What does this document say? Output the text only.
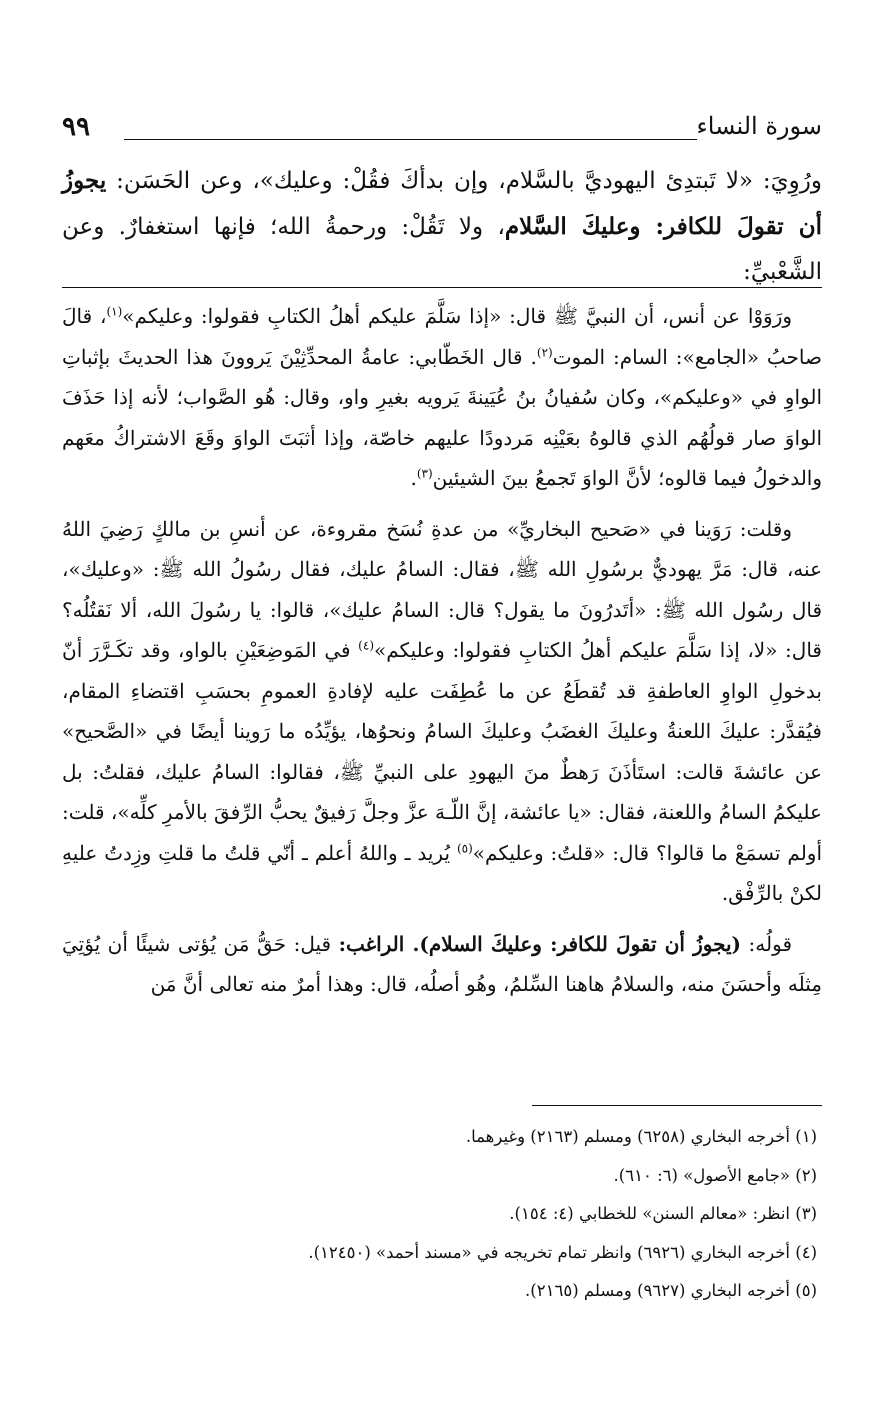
٩٩	سورة النساء
ورُوِيَ: «لا تَبتدِئ اليهوديَّ بالسَّلام، وإن بدأكَ فقُلْ: وعليك»، وعن الحَسَن: يجوزُ أن تقولَ للكافر: وعليكَ السَّلام، ولا تَقُلْ: ورحمةُ الله؛ فإنها استغفارٌ. وعن الشَّعْبيِّ:

ورَوَوْا عن أنس، أن النبيَّ ﷺ قال: «إذا سَلَّمَ عليكم أهلُ الكتابِ فقولوا: وعليكم»$^{(١)}$، قالَ صاحبُ «الجامع»: السام: الموت$^{(٢)}$. قال الخَطّابي: عامةُ المحدِّثِيْنَ يَروونَ هذا الحديثَ بإثباتِ الواوِ في «وعليكم»، وكان سُفيانُ بنُ عُيَينةَ يَرويه بغيرِ واو، وقال: هُو الصَّواب؛ لأنه إذا حَذَفَ الواوَ صار قولُهُم الذي قالوهُ بعَيْنِه مَردودًا عليهم خاصّة، وإذا أثبَتَ الواوَ وقَعَ الاشتراكُ معَهم والدخولُ فيما قالوه؛ لأنَّ الواوَ تَجمعُ بينَ الشيئين$^{(٣)}$.

وقلت: رَوَينا في «صَحيح البخاريِّ» من عدةِ نُسَخ مقروءة، عن أنسِ بن مالكٍ رَضِيَ اللهُ عنه، قال: مَرَّ يهوديٌّ برسُولِ الله ﷺ، فقال: السامُ عليك، فقال رسُولُ الله ﷺ: «وعليك»، قال رسُول الله ﷺ: «أتَدرُونَ ما يقول؟ قال: السامُ عليك»، قالوا: يا رسُولَ الله، ألا نَقتُلُه؟ قال: «لا، إذا سَلَّمَ عليكم أهلُ الكتابِ فقولوا: وعليكم»$^{(٤)}$ في المَوضِعَيْنِ بالواو، وقد تكَـرَّرَ أنّ بدخولِ الواوِ العاطفةِ قد تُقطَعُ عن ما عُطِفَت عليه لإفادةِ العمومِ بحسَبِ اقتضاءِ المقام، فيُقدَّر: عليكَ اللعنةُ وعليكَ الغضَبُ وعليكَ السامُ ونحوُها، يؤيِّدُه ما رَوينا أيضًا في «الصَّحيح» عن عائشةَ قالت: استَأذَنَ رَهطٌ منَ اليهودِ على النبيِّ ﷺ، فقالوا: السامُ عليك، فقلتُ: بل عليكمُ السامُ واللعنة، فقال: «يا عائشة، إنَّ اللّـهَ عزَّ وجلَّ رَفيقٌ يحبُّ الرِّفقَ بالأمرِ كلِّه»، قلت: أولم تسمَعْ ما قالوا؟ قال: «قلتُ: وعليكم»$^{(٥)}$ يُريد ـ واللهُ أعلم ـ أنّي قلتُ ما قلتِ وزِدتُ عليهِ لكنْ بالرِّفْق.

قولُه: (يجوزُ أن تقولَ للكافر: وعليكَ السلام). الراغب: قيل: حَقُّ مَن يُؤتى شيئًا أن يُؤتِيَ مِثلَه وأحسَنَ منه، والسلامُ هاهنا السِّلمُ، وهُو أصلُه، قال: وهذا أمرٌ منه تعالى أنَّ مَن

(١) أخرجه البخاري (٦٢٥٨) ومسلم (٢١٦٣) وغيرهما.

(٢) «جامع الأصول» (٦: ٦١٠).

(٣) انظر: «معالم السنن» للخطابي (٤: ١٥٤).

(٤) أخرجه البخاري (٦٩٢٦) وانظر تمام تخريجه في «مسند أحمد» (١٢٤٥٠).

(٥) أخرجه البخاري (٩٦٢٧) ومسلم (٢١٦٥).
